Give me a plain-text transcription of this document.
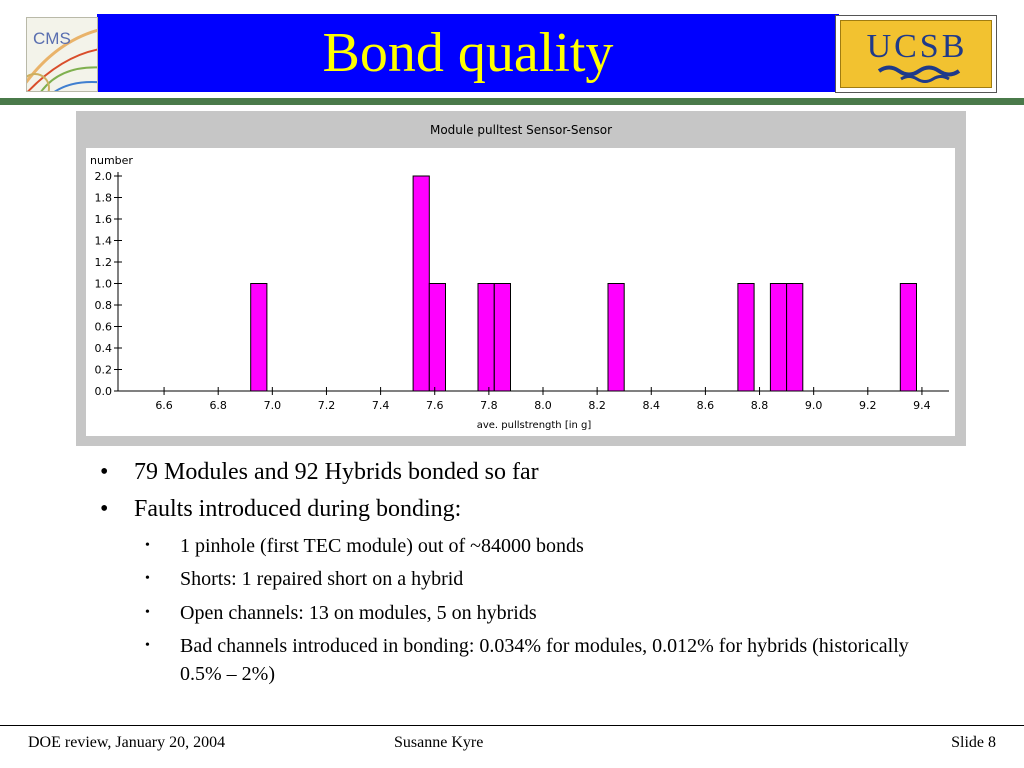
Bond quality
CMS	UCSB
Module pulltest Sensor-Sensor
0.0
0.2
0.4
0.6
0.8
1.0
1.2
1.4
1.6
1.8
2.0
6.6	6.8	7.0	7.2	7.4	7.6	7.8	8.0	8.2	8.4	8.6	8.8	9.0	9.2	9.4
number
ave. pullstrength [in g]
• 79 Modules and 92 Hybrids bonded so far
• Faults introduced during bonding:
• 1 pinhole (first TEC module) out of ~84000 bonds
• Shorts: 1 repaired short on a hybrid
• Open channels: 13 on modules, 5 on hybrids
• Bad channels introduced in bonding: 0.034% for modules, 0.012% for hybrids (historically 0.5% – 2%)
DOE review, January 20, 2004	Susanne Kyre	Slide 8
